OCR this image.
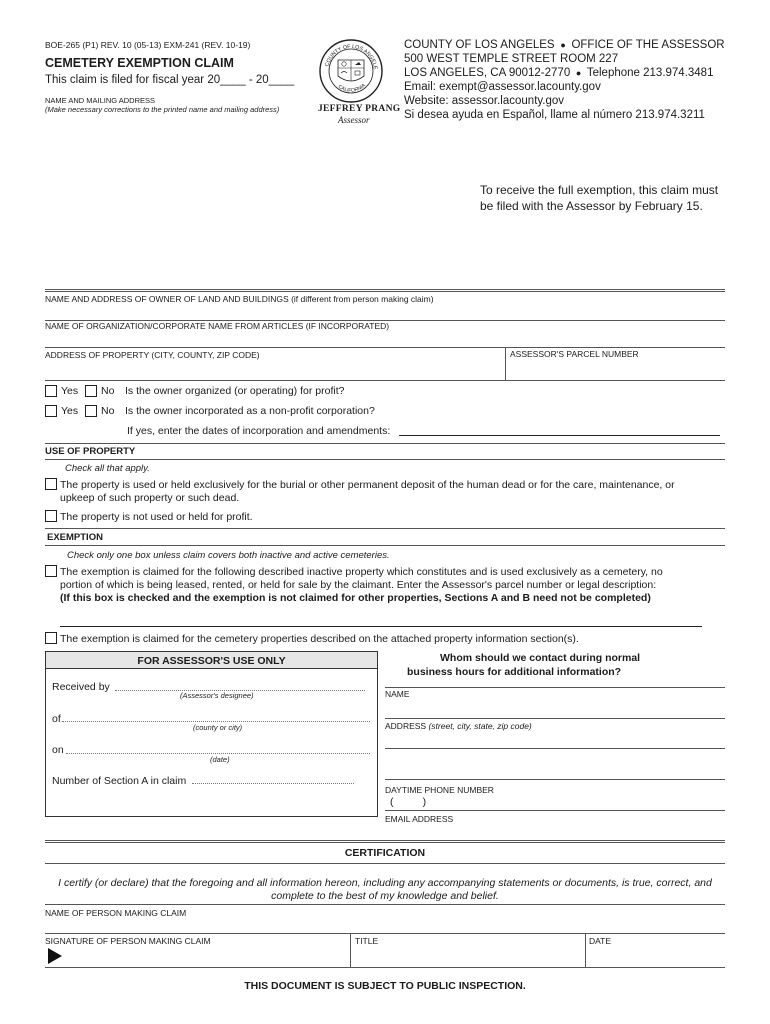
BOE-265 (P1) REV. 10 (05-13) EXM-241 (REV. 10-19)
CEMETERY EXEMPTION CLAIM
This claim is filed for fiscal year 20____ - 20____
NAME AND MAILING ADDRESS
(Make necessary corrections to the printed name and mailing address)
COUNTY OF LOS ANGELE
CALIFORNIA
JEFFREY PRANG
Assessor
COUNTY OF LOS ANGELES  ●  OFFICE OF THE ASSESSOR
500 WEST TEMPLE STREET ROOM 227
LOS ANGELES, CA 90012-2770  ●  Telephone 213.974.3481
Email: exempt@assessor.lacounty.gov
Website: assessor.lacounty.gov
Si desea ayuda en Español, llame al número 213.974.3211
To receive the full exemption, this claim must
be filed with the Assessor by February 15.
NAME AND ADDRESS OF OWNER OF LAND AND BUILDINGS (if different from person making claim)
NAME OF ORGANIZATION/CORPORATE NAME FROM ARTICLES (IF INCORPORATED)
ADDRESS OF PROPERTY (CITY, COUNTY, ZIP CODE)	ASSESSOR'S PARCEL NUMBER
Yes No Is the owner organized (or operating) for profit?
Yes No Is the owner incorporated as a non-profit corporation?
If yes, enter the dates of incorporation and amendments:
USE OF PROPERTY
Check all that apply.
The property is used or held exclusively for the burial or other permanent deposit of the human dead or for the care, maintenance, or
upkeep of such property or such dead.
The property is not used or held for profit.
EXEMPTION
Check only one box unless claim covers both inactive and active cemeteries.
The exemption is claimed for the following described inactive property which constitutes and is used exclusively as a cemetery, no
portion of which is being leased, rented, or held for sale by the claimant. Enter the Assessor's parcel number or legal description:
(If this box is checked and the exemption is not claimed for other properties, Sections A and B need not be completed)
The exemption is claimed for the cemetery properties described on the attached property information section(s).
FOR ASSESSOR'S USE ONLY
Received by
(Assessor's designee)
of
(county or city)
on
(date)
Number of Section A in claim
Whom should we contact during normal
business hours for additional information?
NAME
ADDRESS (street, city, state, zip code)
DAYTIME PHONE NUMBER
(          )
EMAIL ADDRESS
CERTIFICATION
I certify (or declare) that the foregoing and all information hereon, including any accompanying statements or documents, is true, correct, and
complete to the best of my knowledge and belief.
NAME OF PERSON MAKING CLAIM
SIGNATURE OF PERSON MAKING CLAIM	TITLE	DATE
THIS DOCUMENT IS SUBJECT TO PUBLIC INSPECTION.
